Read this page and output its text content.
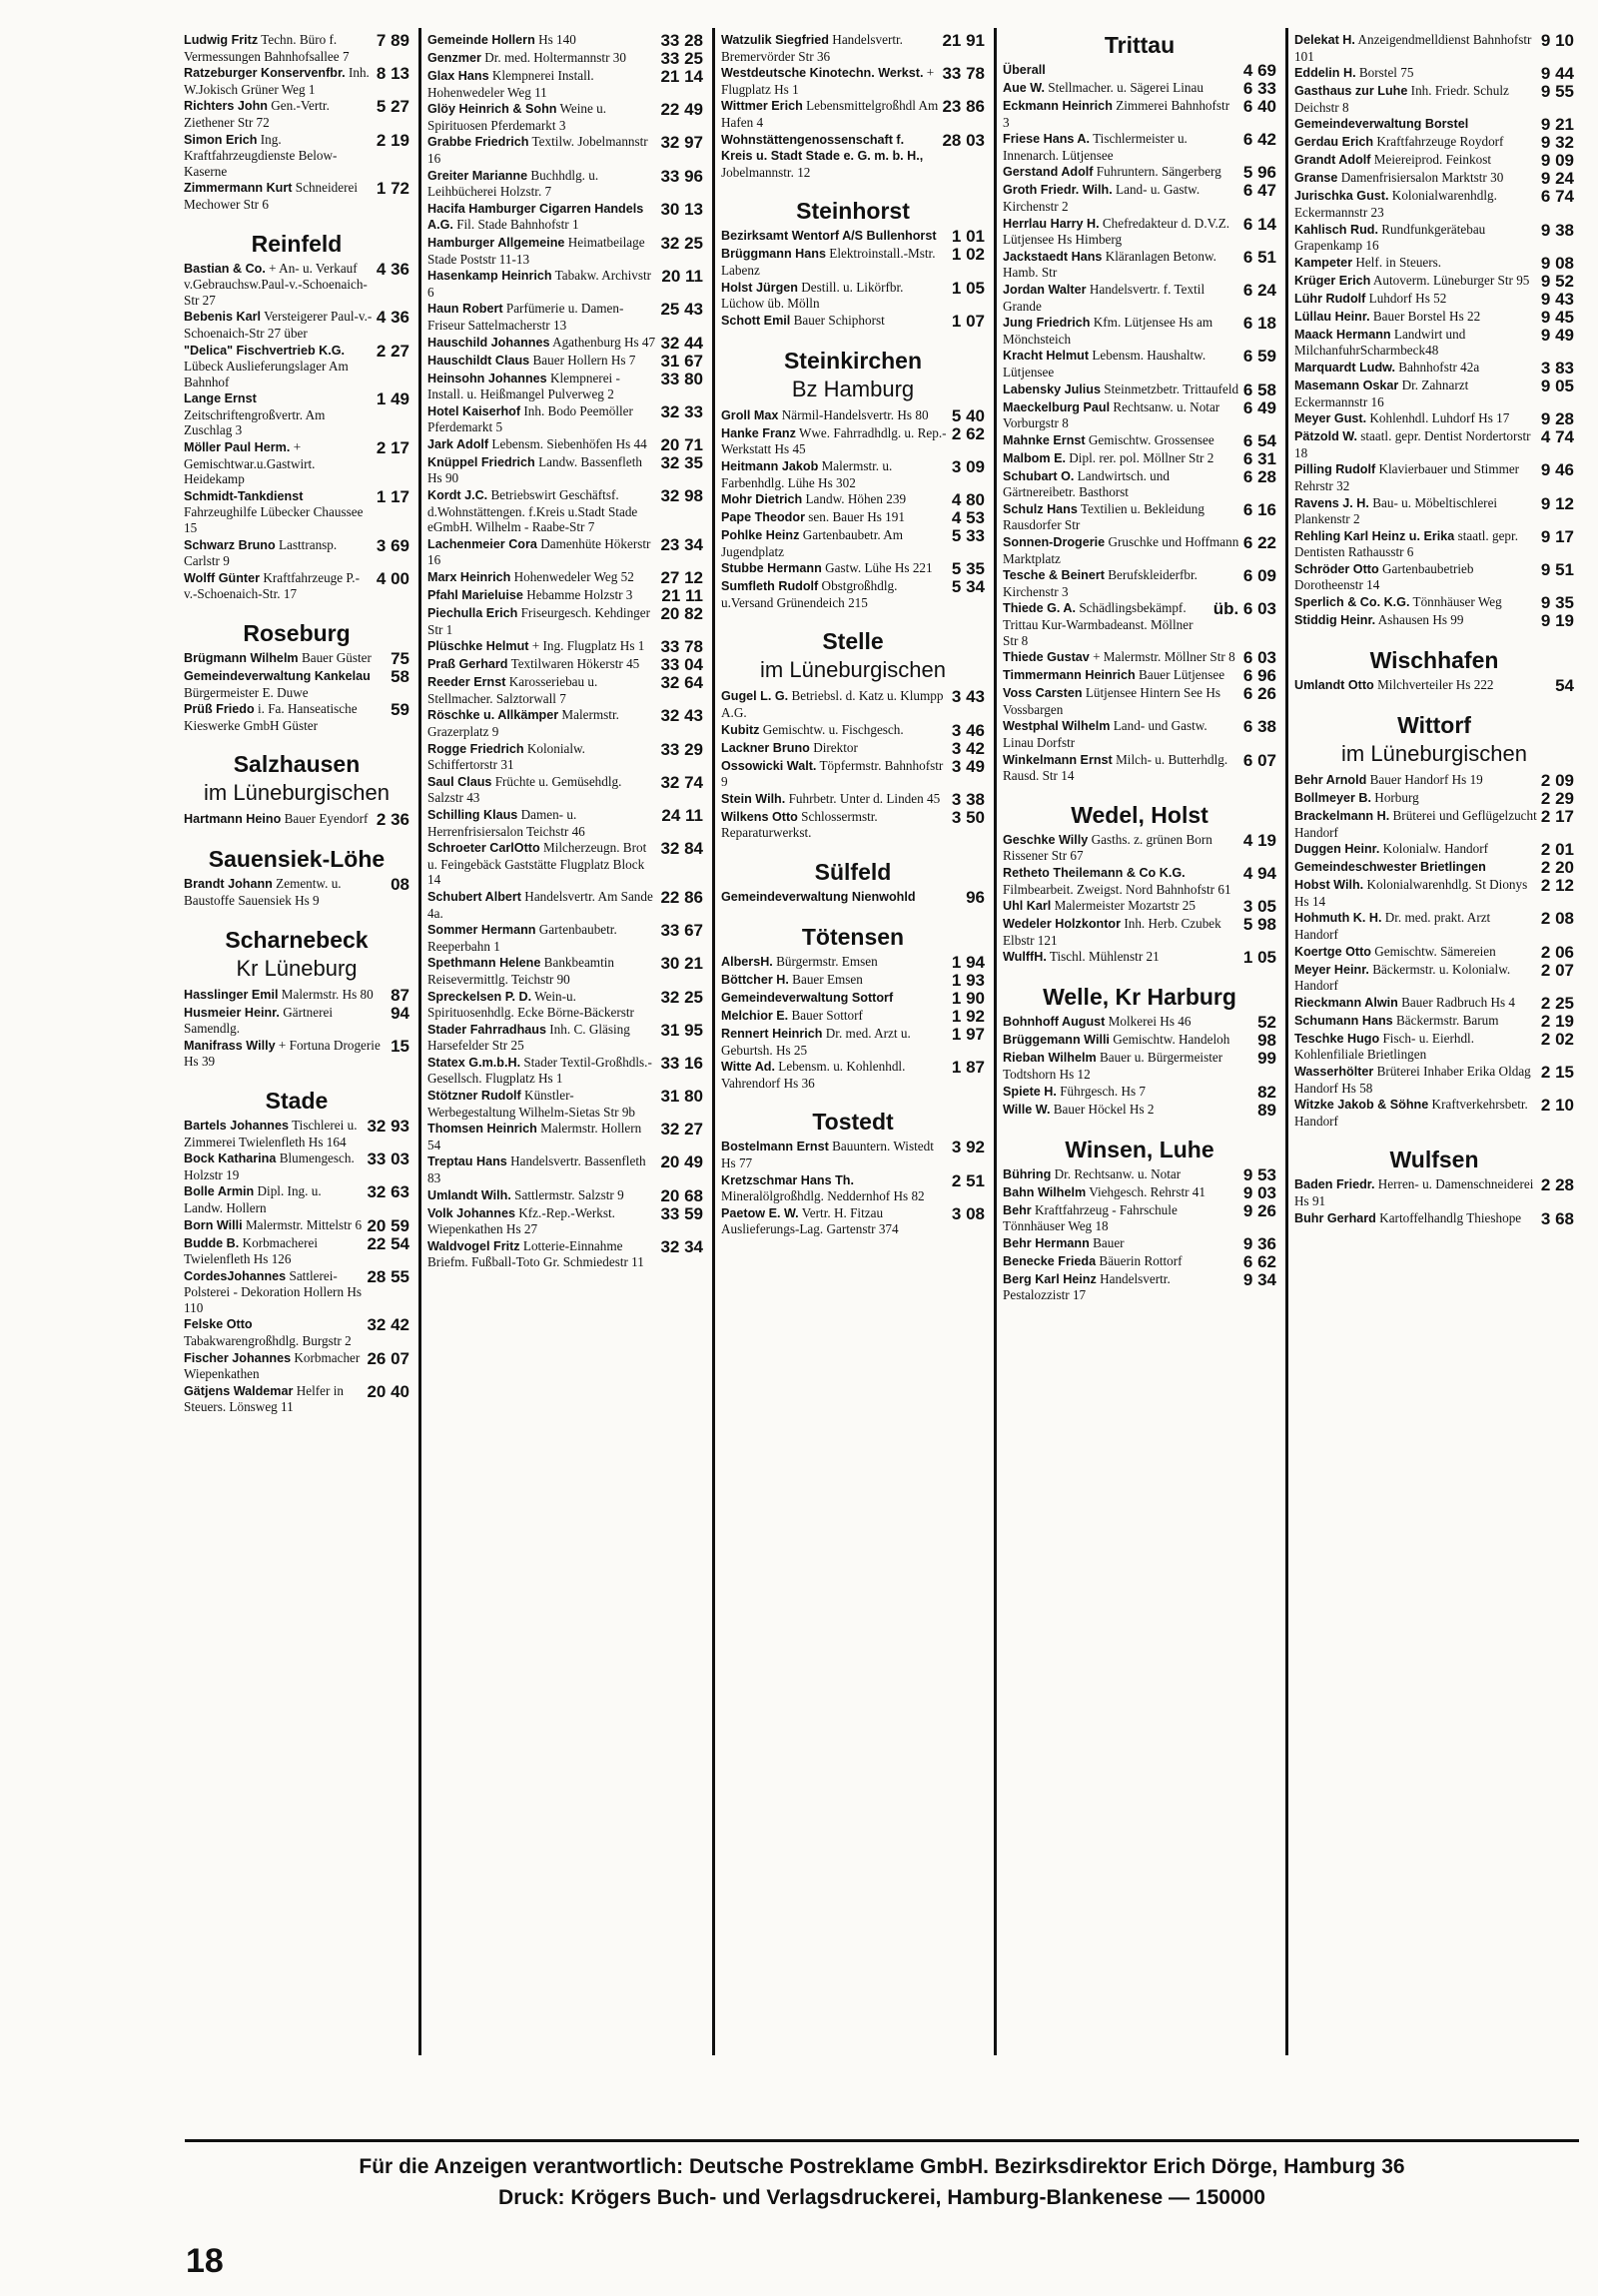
7 89
Ludwig Fritz Techn. Büro f. Vermessungen Bahnhofsallee 7
8 13
Ratzeburger Konservenfbr. Inh. W.Jokisch Grüner Weg 1
5 27
Richters John Gen.-Vertr. Ziethener Str 72
2 19
Simon Erich Ing. Kraftfahrzeugdienste Below-Kaserne
1 72
Zimmermann Kurt Schneiderei Mechower Str 6
Reinfeld
4 36
Bastian & Co. + An- u. Verkauf v.Gebrauchsw.Paul-v.-Schoenaich-Str 27
4 36
Bebenis Karl Versteigerer Paul-v.-Schoenaich-Str 27 über
2 27
"Delica" Fischvertrieb K.G. Lübeck Auslieferungslager Am Bahnhof
1 49
Lange Ernst Zeitschriftengroßvertr. Am Zuschlag 3
2 17
Möller Paul Herm. + Gemischtwar.u.Gastwirt. Heidekamp
1 17
Schmidt-Tankdienst Fahrzeughilfe Lübecker Chaussee 15
3 69
Schwarz Bruno Lasttransp. Carlstr 9
4 00
Wolff Günter Kraftfahrzeuge P.-v.-Schoenaich-Str. 17
Roseburg
75
Brügmann Wilhelm Bauer Güster
58
Gemeindeverwaltung Kankelau Bürgermeister E. Duwe
59
Prüß Friedo i. Fa. Hanseatische Kieswerke GmbH Güster
Salzhausen
im Lüneburgischen
2 36
Hartmann Heino Bauer Eyendorf
Sauensiek-Löhe
08
Brandt Johann Zementw. u. Baustoffe Sauensiek Hs 9
Scharnebeck
Kr Lüneburg
87
Hasslinger Emil Malermstr. Hs 80
94
Husmeier Heinr. Gärtnerei Samendlg.
15
Manifrass Willy + Fortuna Drogerie Hs 39
Stade
32 93
Bartels Johannes Tischlerei u. Zimmerei Twielenfleth Hs 164
33 03
Bock Katharina Blumengesch. Holzstr 19
32 63
Bolle Armin Dipl. Ing. u. Landw. Hollern
20 59
Born Willi Malermstr. Mittelstr 6
22 54
Budde B. Korbmacherei Twielenfleth Hs 126
28 55
CordesJohannes Sattlerei-Polsterei - Dekoration Hollern Hs 110
32 42
Felske Otto Tabakwarengroßhdlg. Burgstr 2
26 07
Fischer Johannes Korbmacher Wiepenkathen
20 40
Gätjens Waldemar Helfer in Steuers. Lönsweg 11
33 28
Gemeinde Hollern Hs 140
33 25
Genzmer Dr. med. Holtermannstr 30
21 14
Glax Hans Klempnerei Install. Hohenwedeler Weg 11
22 49
Glöy Heinrich & Sohn Weine u. Spirituosen Pferdemarkt 3
32 97
Grabbe Friedrich Textilw. Jobelmannstr 16
33 96
Greiter Marianne Buchhdlg. u. Leihbücherei Holzstr. 7
30 13
Hacifa Hamburger Cigarren Handels A.G. Fil. Stade Bahnhofstr 1
32 25
Hamburger Allgemeine Heimatbeilage Stade Poststr 11-13
20 11
Hasenkamp Heinrich Tabakw. Archivstr 6
25 43
Haun Robert Parfümerie u. Damen-Friseur Sattelmacherstr 13
32 44
Hauschild Johannes Agathenburg Hs 47
31 67
Hauschildt Claus Bauer Hollern Hs 7
33 80
Heinsohn Johannes Klempnerei - Install. u. Heißmangel Pulverweg 2
32 33
Hotel Kaiserhof Inh. Bodo Peemöller Pferdemarkt 5
20 71
Jark Adolf Lebensm. Siebenhöfen Hs 44
32 35
Knüppel Friedrich Landw. Bassenfleth Hs 90
32 98
Kordt J.C. Betriebswirt Geschäftsf. d.Wohnstättengen. f.Kreis u.Stadt Stade eGmbH. Wilhelm - Raabe-Str 7
23 34
Lachenmeier Cora Damenhüte Hökerstr 16
27 12
Marx Heinrich Hohenwedeler Weg 52
21 11
Pfahl Marieluise Hebamme Holzstr 3
20 82
Piechulla Erich Friseurgesch. Kehdinger Str 1
33 78
Plüschke Helmut + Ing. Flugplatz Hs 1
33 04
Praß Gerhard Textilwaren Hökerstr 45
32 64
Reeder Ernst Karosseriebau u. Stellmacher. Salztorwall 7
32 43
Röschke u. Allkämper Malermstr. Grazerplatz 9
33 29
Rogge Friedrich Kolonialw. Schiffertorstr 31
32 74
Saul Claus Früchte u. Gemüsehdlg. Salzstr 43
24 11
Schilling Klaus Damen- u. Herrenfrisiersalon Teichstr 46
32 84
Schroeter CarlOtto Milcherzeugn. Brot u. Feingebäck Gaststätte Flugplatz Block 14
22 86
Schubert Albert Handelsvertr. Am Sande 4a.
33 67
Sommer Hermann Gartenbaubetr. Reeperbahn 1
30 21
Spethmann Helene Bankbeamtin Reisevermittlg. Teichstr 90
32 25
Spreckelsen P. D. Wein-u. Spirituosenhdlg. Ecke Börne-Bäckerstr
31 95
Stader Fahrradhaus Inh. C. Gläsing Harsefelder Str 25
33 16
Statex G.m.b.H. Stader Textil-Großhdls.-Gesellsch. Flugplatz Hs 1
31 80
Stötzner Rudolf Künstler-Werbegestaltung Wilhelm-Sietas Str 9b
32 27
Thomsen Heinrich Malermstr. Hollern 54
20 49
Treptau Hans Handelsvertr. Bassenfleth 83
20 68
Umlandt Wilh. Sattlermstr. Salzstr 9
33 59
Volk Johannes Kfz.-Rep.-Werkst. Wiepenkathen Hs 27
32 34
Waldvogel Fritz Lotterie-Einnahme Briefm. Fußball-Toto Gr. Schmiedestr 11
21 91
Watzulik Siegfried Handelsvertr. Bremervörder Str 36
33 78
Westdeutsche Kinotechn. Werkst. + Flugplatz Hs 1
23 86
Wittmer Erich Lebensmittelgroßhdl Am Hafen 4
28 03
Wohnstättengenossenschaft f. Kreis u. Stadt Stade e. G. m. b. H., Jobelmannstr. 12
Steinhorst
1 01
Bezirksamt Wentorf A/S Bullenhorst
1 02
Brüggmann Hans Elektroinstall.-Mstr. Labenz
1 05
Holst Jürgen Destill. u. Likörfbr. Lüchow üb. Mölln
1 07
Schott Emil Bauer Schiphorst
Steinkirchen
Bz Hamburg
5 40
Groll Max Närmil-Handelsvertr. Hs 80
2 62
Hanke Franz Wwe. Fahrradhdlg. u. Rep.-Werkstatt Hs 45
3 09
Heitmann Jakob Malermstr. u. Farbenhdlg. Lühe Hs 302
4 80
Mohr Dietrich Landw. Höhen 239
4 53
Pape Theodor sen. Bauer Hs 191
5 33
Pohlke Heinz Gartenbaubetr. Am Jugendplatz
5 35
Stubbe Hermann Gastw. Lühe Hs 221
5 34
Sumfleth Rudolf Obstgroßhdlg. u.Versand Grünendeich 215
Stelle
im Lüneburgischen
3 43
Gugel L. G. Betriebsl. d. Katz u. Klumpp A.G.
3 46
Kubitz Gemischtw. u. Fischgesch.
3 42
Lackner Bruno Direktor
3 49
Ossowicki Walt. Töpfermstr. Bahnhofstr 9
3 38
Stein Wilh. Fuhrbetr. Unter d. Linden 45
3 50
Wilkens Otto Schlossermstr. Reparaturwerkst.
Sülfeld
96
Gemeindeverwaltung Nienwohld
Tötensen
1 94
AlbersH. Bürgermstr. Emsen
1 93
Böttcher H. Bauer Emsen
1 90
Gemeindeverwaltung Sottorf
1 92
Melchior E. Bauer Sottorf
1 97
Rennert Heinrich Dr. med. Arzt u. Geburtsh. Hs 25
1 87
Witte Ad. Lebensm. u. Kohlenhdl. Vahrendorf Hs 36
Tostedt
3 92
Bostelmann Ernst Bauuntern. Wistedt Hs 77
2 51
Kretzschmar Hans Th. Mineralölgroßhdlg. Neddernhof Hs 82
3 08
Paetow E. W. Vertr. H. Fitzau Auslieferungs-Lag. Gartenstr 374
Trittau
4 69
Überall
6 33
Aue W. Stellmacher. u. Sägerei Linau
6 40
Eckmann Heinrich Zimmerei Bahnhofstr 3
6 42
Friese Hans A. Tischlermeister u. Innenarch. Lütjensee
5 96
Gerstand Adolf Fuhruntern. Sängerberg
6 47
Groth Friedr. Wilh. Land- u. Gastw. Kirchenstr 2
6 14
Herrlau Harry H. Chefredakteur d. D.V.Z. Lütjensee Hs Himberg
6 51
Jackstaedt Hans Kläranlagen Betonw. Hamb. Str
6 24
Jordan Walter Handelsvertr. f. Textil Grande
6 18
Jung Friedrich Kfm. Lütjensee Hs am Mönchsteich
6 59
Kracht Helmut Lebensm. Haushaltw. Lütjensee
6 58
Labensky Julius Steinmetzbetr. Trittaufeld
6 49
Maeckelburg Paul Rechtsanw. u. Notar Vorburgstr 8
6 54
Mahnke Ernst Gemischtw. Grossensee
6 31
Malbom E. Dipl. rer. pol. Möllner Str 2
6 28
Schubart O. Landwirtsch. und Gärtnereibetr. Basthorst
6 16
Schulz Hans Textilien u. Bekleidung Rausdorfer Str
6 22
Sonnen-Drogerie Gruschke und Hoffmann Marktplatz
6 09
Tesche & Beinert Berufskleiderfbr. Kirchenstr 3
üb. 6 03
Thiede G. A. Schädlingsbekämpf. Trittau Kur-Warmbadeanst. Möllner Str 8
6 03
Thiede Gustav + Malermstr. Möllner Str 8
6 96
Timmermann Heinrich Bauer Lütjensee
6 26
Voss Carsten Lütjensee Hintern See Hs Vossbargen
6 38
Westphal Wilhelm Land- und Gastw. Linau Dorfstr
6 07
Winkelmann Ernst Milch- u. Butterhdlg. Rausd. Str 14
Wedel, Holst
4 19
Geschke Willy Gasths. z. grünen Born Rissener Str 67
4 94
Retheto Theilemann & Co K.G. Filmbearbeit. Zweigst. Nord Bahnhofstr 61
3 05
Uhl Karl Malermeister Mozartstr 25
5 98
Wedeler Holzkontor Inh. Herb. Czubek Elbstr 121
1 05
WulffH. Tischl. Mühlenstr 21
Welle, Kr Harburg
52
Bohnhoff August Molkerei Hs 46
98
Brüggemann Willi Gemischtw. Handeloh
99
Rieban Wilhelm Bauer u. Bürgermeister Todtshorn Hs 12
82
Spiete H. Führgesch. Hs 7
89
Wille W. Bauer Höckel Hs 2
Winsen, Luhe
9 53
Bühring Dr. Rechtsanw. u. Notar
9 03
Bahn Wilhelm Viehgesch. Rehrstr 41
9 26
Behr Kraftfahrzeug - Fahrschule Tönnhäuser Weg 18
9 36
Behr Hermann Bauer
6 62
Benecke Frieda Bäuerin Rottorf
9 34
Berg Karl Heinz Handelsvertr. Pestalozzistr 17
9 10
Delekat H. Anzeigendmelldienst Bahnhofstr 101
9 44
Eddelin H. Borstel 75
9 55
Gasthaus zur Luhe Inh. Friedr. Schulz Deichstr 8
9 21
Gemeindeverwaltung Borstel
9 32
Gerdau Erich Kraftfahrzeuge Roydorf
9 09
Grandt Adolf Meiereiprod. Feinkost
9 24
Granse Damenfrisiersalon Marktstr 30
6 74
Jurischka Gust. Kolonialwarenhdlg. Eckermannstr 23
9 38
Kahlisch Rud. Rundfunkgerätebau Grapenkamp 16
9 08
Kampeter Helf. in Steuers.
9 52
Krüger Erich Autoverm. Lüneburger Str 95
9 43
Lühr Rudolf Luhdorf Hs 52
9 45
Lüllau Heinr. Bauer Borstel Hs 22
9 49
Maack Hermann Landwirt und MilchanfuhrScharmbeck48
3 83
Marquardt Ludw. Bahnhofstr 42a
9 05
Masemann Oskar Dr. Zahnarzt Eckermannstr 16
9 28
Meyer Gust. Kohlenhdl. Luhdorf Hs 17
4 74
Pätzold W. staatl. gepr. Dentist Nordertorstr 18
9 46
Pilling Rudolf Klavierbauer und Stimmer Rehrstr 32
9 12
Ravens J. H. Bau- u. Möbeltischlerei Plankenstr 2
9 17
Rehling Karl Heinz u. Erika staatl. gepr. Dentisten Rathausstr 6
9 51
Schröder Otto Gartenbaubetrieb Dorotheenstr 14
9 35
Sperlich & Co. K.G. Tönnhäuser Weg
9 19
Stiddig Heinr. Ashausen Hs 99
Wischhafen
54
Umlandt Otto Milchverteiler Hs 222
Wittorf
im Lüneburgischen
2 09
Behr Arnold Bauer Handorf Hs 19
2 29
Bollmeyer B. Horburg
2 17
Brackelmann H. Brüterei und Geflügelzucht Handorf
2 01
Duggen Heinr. Kolonialw. Handorf
2 20
Gemeindeschwester Brietlingen
2 12
Hobst Wilh. Kolonialwarenhdlg. St Dionys Hs 14
2 08
Hohmuth K. H. Dr. med. prakt. Arzt Handorf
2 06
Koertge Otto Gemischtw. Sämereien
2 07
Meyer Heinr. Bäckermstr. u. Kolonialw. Handorf
2 25
Rieckmann Alwin Bauer Radbruch Hs 4
2 19
Schumann Hans Bäckermstr. Barum
2 02
Teschke Hugo Fisch- u. Eierhdl. Kohlenfiliale Brietlingen
2 15
Wasserhölter Brüterei Inhaber Erika Oldag Handorf Hs 58
2 10
Witzke Jakob & Söhne Kraftverkehrsbetr. Handorf
Wulfsen
2 28
Baden Friedr. Herren- u. Damenschneiderei Hs 91
3 68
Buhr Gerhard Kartoffelhandlg Thieshope
Für die Anzeigen verantwortlich: Deutsche Postreklame GmbH. Bezirksdirektor Erich Dörge, Hamburg 36
Druck: Krögers Buch- und Verlagsdruckerei, Hamburg-Blankenese — 150000
18
